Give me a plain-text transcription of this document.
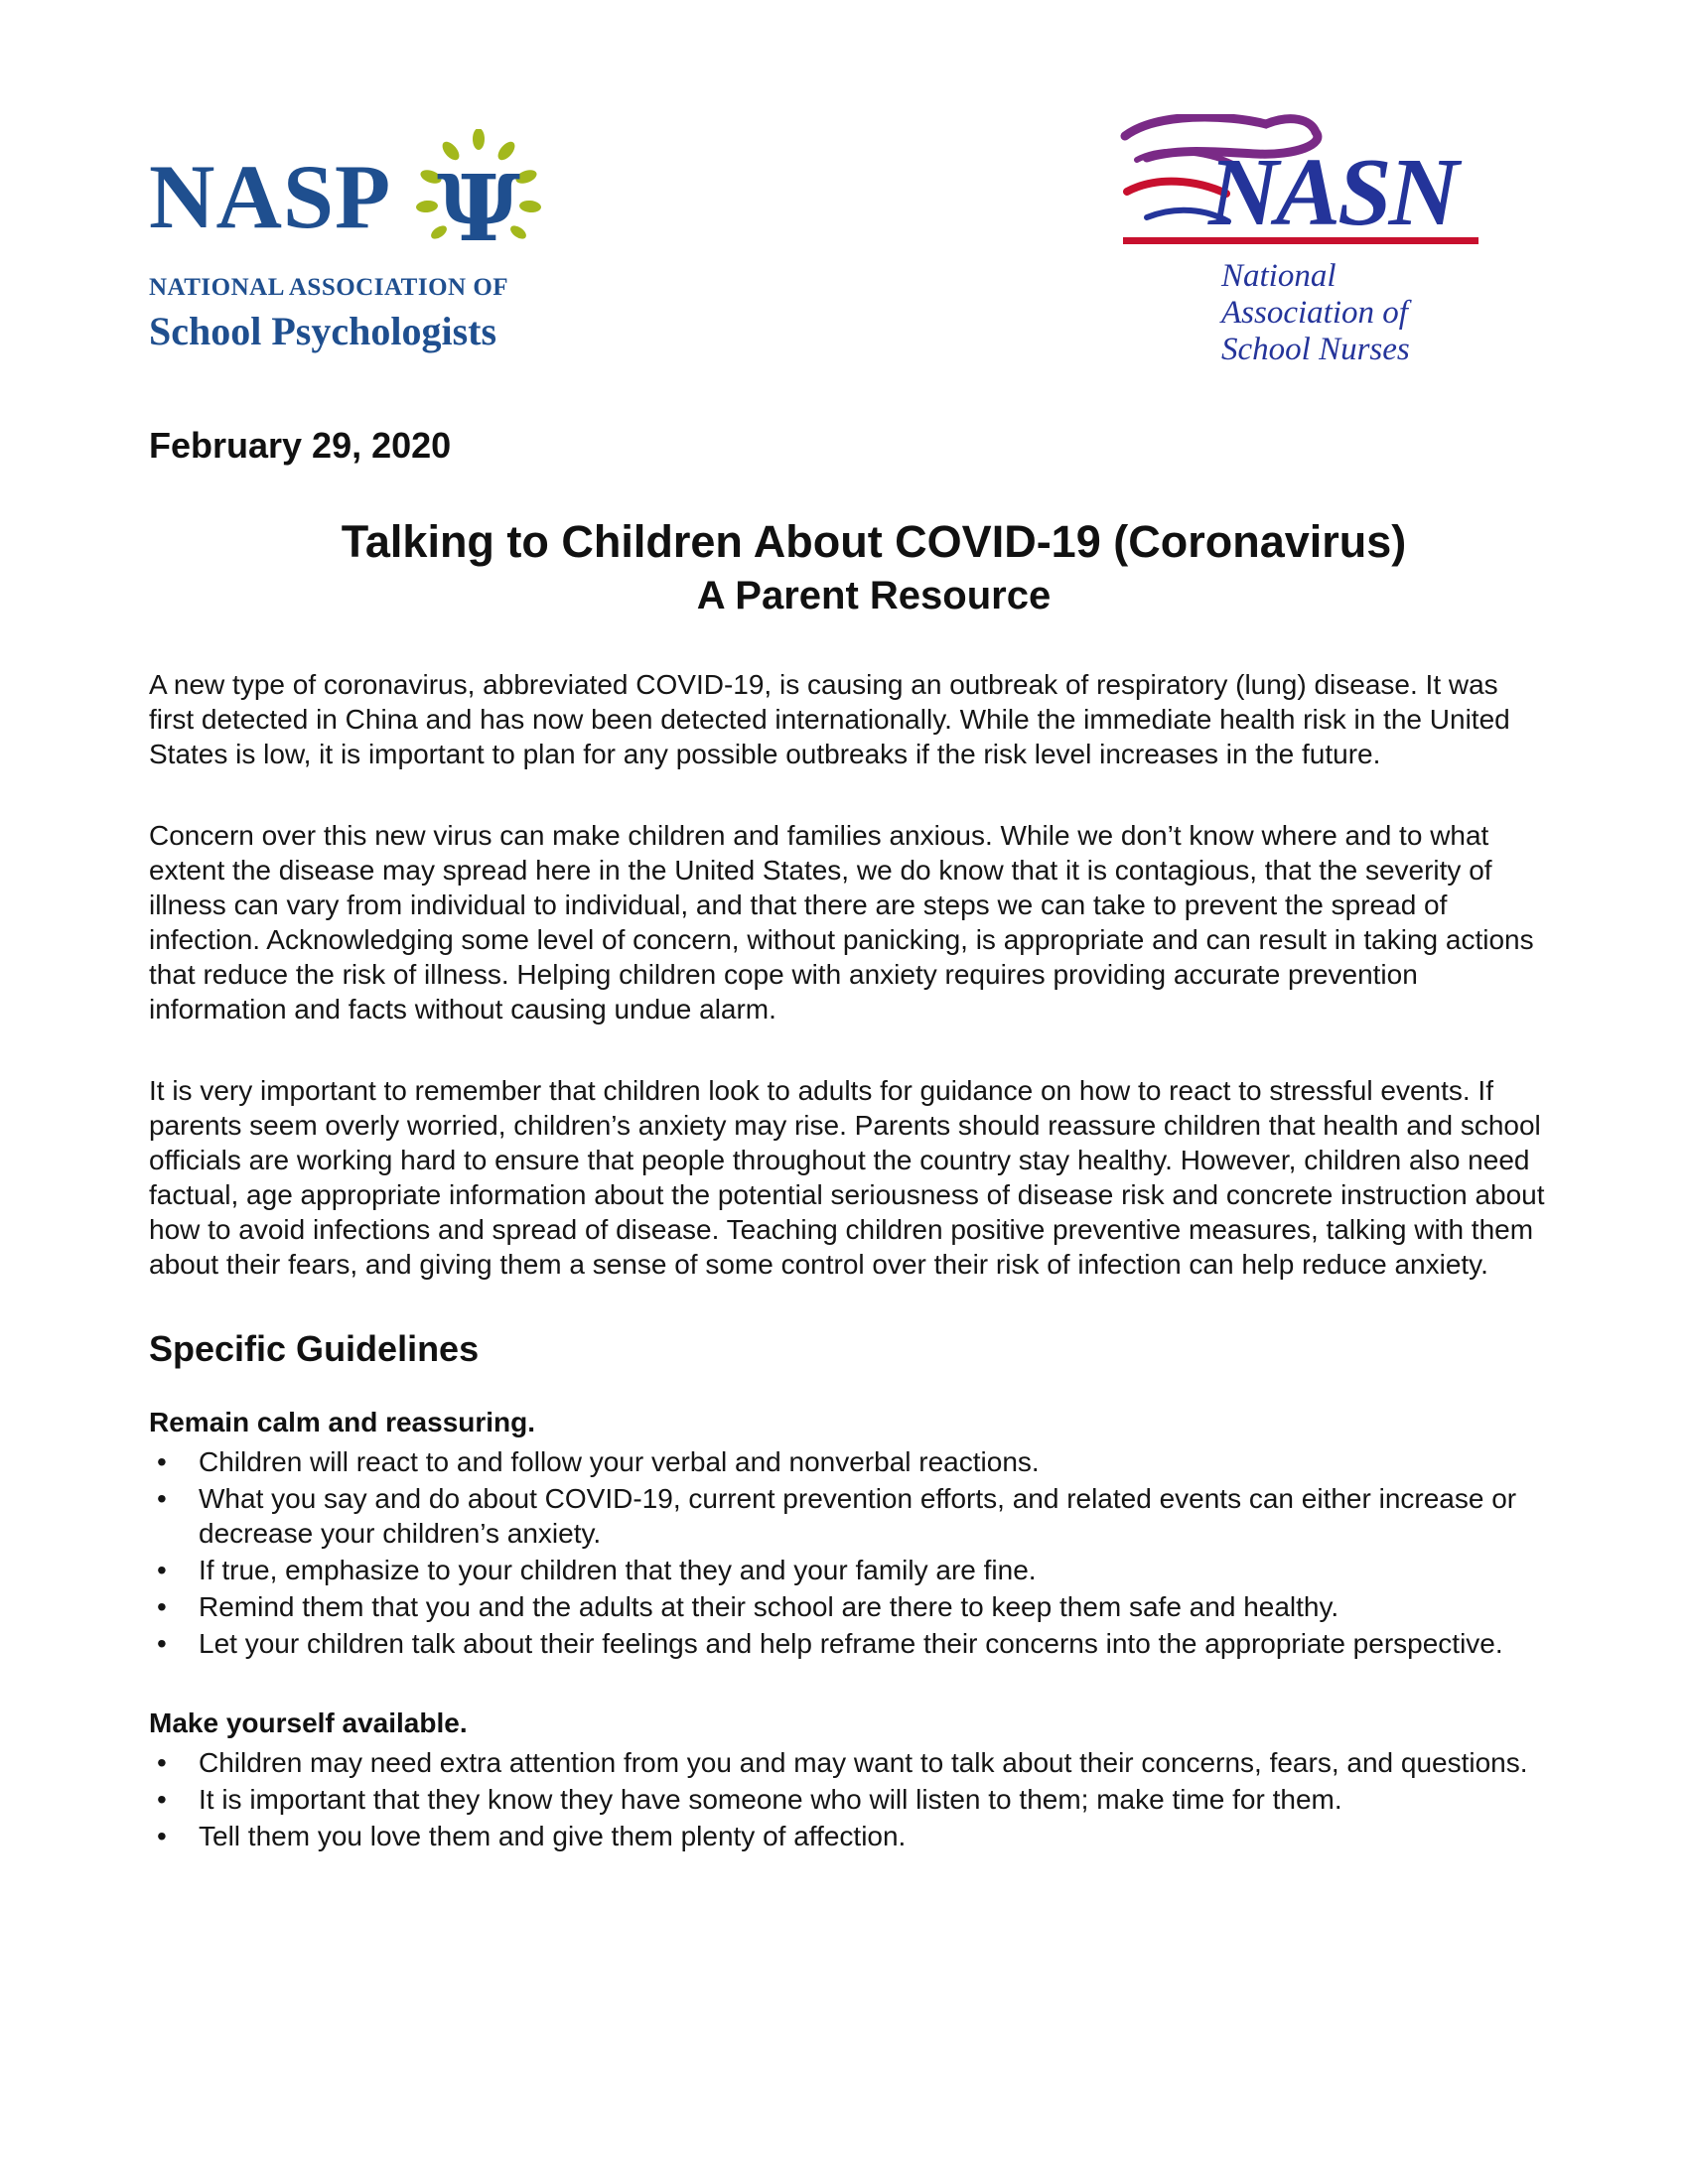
NASP Ψ
NATIONAL ASSOCIATION OF
School Psychologists
NASN
National
Association of
School Nurses
February 29, 2020
Talking to Children About COVID-19 (Coronavirus)
A Parent Resource

A new type of coronavirus, abbreviated COVID-19, is causing an outbreak of respiratory (lung) disease. It was first detected in China and has now been detected internationally. While the immediate health risk in the United States is low, it is important to plan for any possible outbreaks if the risk level increases in the future.

Concern over this new virus can make children and families anxious. While we don’t know where and to what extent the disease may spread here in the United States, we do know that it is contagious, that the severity of illness can vary from individual to individual, and that there are steps we can take to prevent the spread of infection. Acknowledging some level of concern, without panicking, is appropriate and can result in taking actions that reduce the risk of illness. Helping children cope with anxiety requires providing accurate prevention information and facts without causing undue alarm.

It is very important to remember that children look to adults for guidance on how to react to stressful events. If parents seem overly worried, children’s anxiety may rise. Parents should reassure children that health and school officials are working hard to ensure that people throughout the country stay healthy. However, children also need factual, age appropriate information about the potential seriousness of disease risk and concrete instruction about how to avoid infections and spread of disease. Teaching children positive preventive measures, talking with them about their fears, and giving them a sense of some control over their risk of infection can help reduce anxiety.

Specific Guidelines
Remain calm and reassuring.
• Children will react to and follow your verbal and nonverbal reactions.
• What you say and do about COVID-19, current prevention efforts, and related events can either increase or decrease your children’s anxiety.
• If true, emphasize to your children that they and your family are fine.
• Remind them that you and the adults at their school are there to keep them safe and healthy.
• Let your children talk about their feelings and help reframe their concerns into the appropriate perspective.
Make yourself available.
• Children may need extra attention from you and may want to talk about their concerns, fears, and questions.
• It is important that they know they have someone who will listen to them; make time for them.
• Tell them you love them and give them plenty of affection.
